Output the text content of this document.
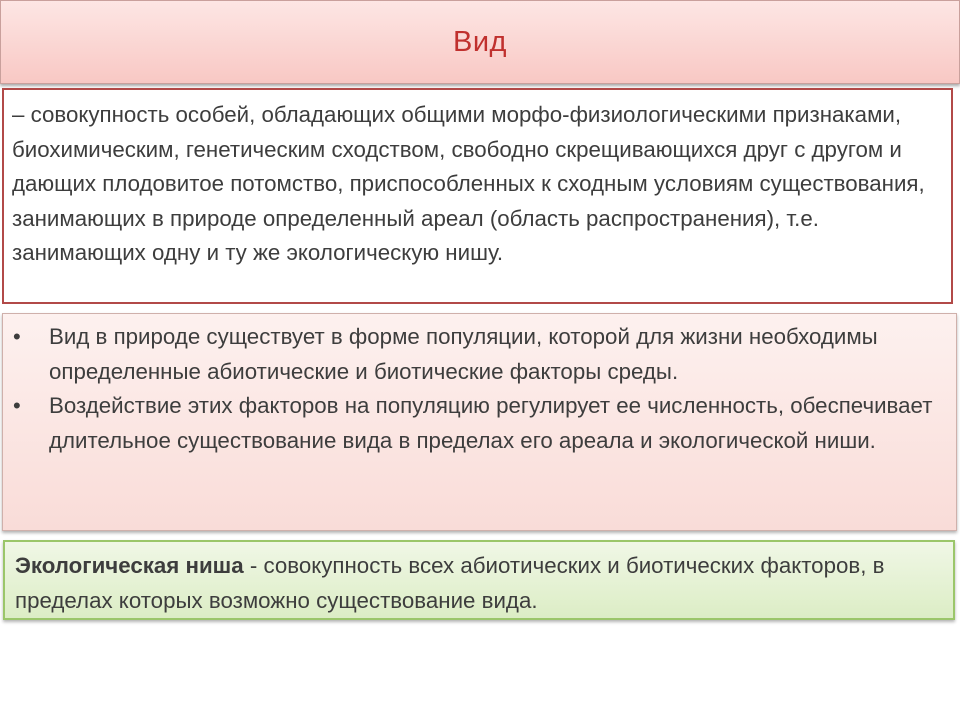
Вид
– совокупность особей, обладающих общими морфо-физиологическими признаками, биохимическим, генетическим сходством, свободно скрещивающихся друг с другом и дающих плодовитое потомство, приспособленных к сходным условиям существования, занимающих в природе определенный ареал (область распространения), т.е. занимающих одну и ту же экологическую нишу.
• Вид в природе существует в форме популяции, которой для жизни необходимы определенные абиотические и биотические факторы среды.
• Воздействие этих факторов на популяцию регулирует ее численность, обеспечивает длительное существование вида в пределах его ареала и экологической ниши.
Экологическая ниша - совокупность всех абиотических и биотических факторов, в пределах которых возможно существование вида.
